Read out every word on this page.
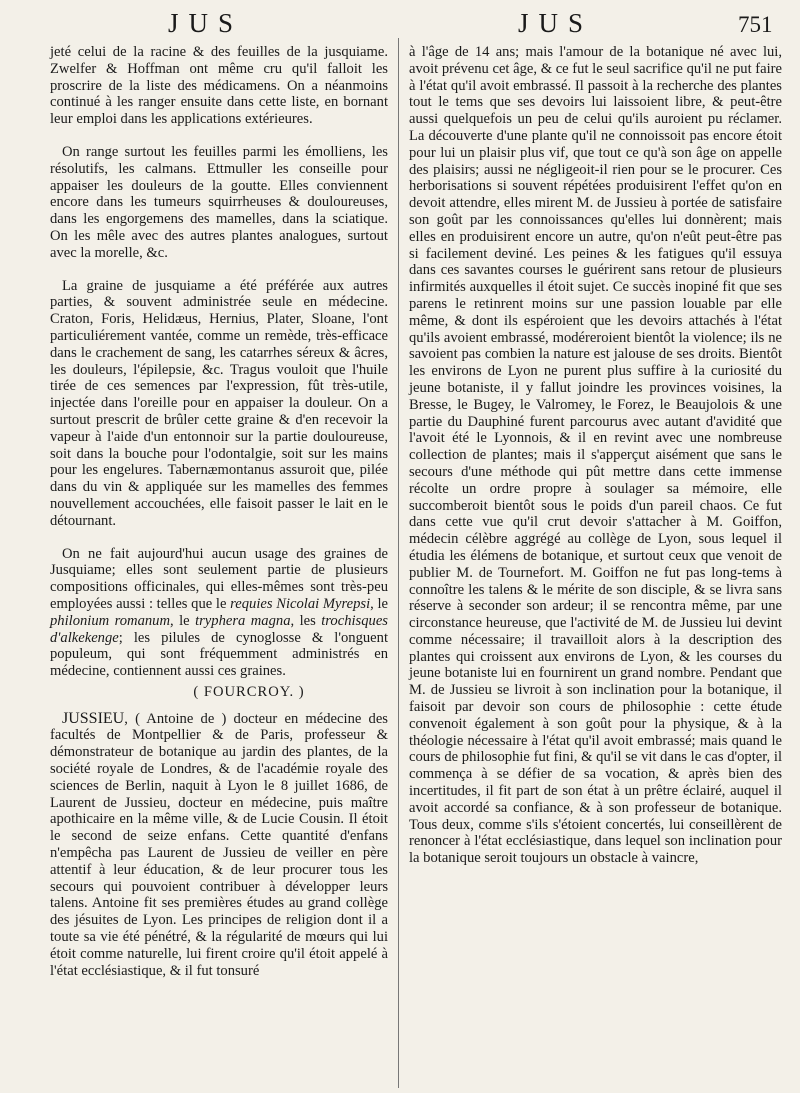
JUS	JUS	751

jeté celui de la racine & des feuilles de la jusquiame. Zwelfer & Hoffman ont même cru qu'il falloit les proscrire de la liste des médicamens. On a néanmoins continué à les ranger ensuite dans cette liste, en bornant leur emploi dans les applications extérieures.

On range surtout les feuilles parmi les émolliens, les résolutifs, les calmans. Ettmuller les conseille pour appaiser les douleurs de la goutte. Elles conviennent encore dans les tumeurs squirrheuses & douloureuses, dans les engorgemens des mamelles, dans la sciatique. On les mêle avec des autres plantes analogues, surtout avec la morelle, &c.

La graine de jusquiame a été préférée aux autres parties, & souvent administrée seule en médecine. Craton, Foris, Helidæus, Hernius, Plater, Sloane, l'ont particuliérement vantée, comme un remède, très-efficace dans le crachement de sang, les catarrhes séreux & âcres, les douleurs, l'épilepsie, &c. Tragus vouloit que l'huile tirée de ces semences par l'expression, fût très-utile, injectée dans l'oreille pour en appaiser la douleur. On a surtout prescrit de brûler cette graine & d'en recevoir la vapeur à l'aide d'un entonnoir sur la partie douloureuse, soit dans la bouche pour l'odontalgie, soit sur les mains pour les engelures. Tabernæmontanus assuroit que, pilée dans du vin & appliquée sur les mamelles des femmes nouvellement accouchées, elle faisoit passer le lait en le détournant.

On ne fait aujourd'hui aucun usage des graines de Jusquiame; elles sont seulement partie de plusieurs compositions officinales, qui elles-mêmes sont très-peu employées aussi : telles que le requies Nicolai Myrepsi, le philonium romanum, le tryphera magna, les trochisques d'alkekenge; les pilules de cynoglosse & l'onguent populeum, qui sont fréquemment administrés en médecine, contiennent aussi ces graines.

( FOURCROY. )

JUSSIEU, ( Antoine de ) docteur en médecine des facultés de Montpellier & de Paris, professeur & démonstrateur de botanique au jardin des plantes, de la société royale de Londres, & de l'académie royale des sciences de Berlin, naquit à Lyon le 8 juillet 1686, de Laurent de Jussieu, docteur en médecine, puis maître apothicaire en la même ville, & de Lucie Cousin. Il étoit le second de seize enfans. Cette quantité d'enfans n'empêcha pas Laurent de Jussieu de veiller en père attentif à leur éducation, & de leur procurer tous les secours qui pouvoient contribuer à développer leurs talens. Antoine fit ses premières études au grand collège des jésuites de Lyon. Les principes de religion dont il a toute sa vie été pénétré, & la régularité de mœurs qui lui étoit comme naturelle, lui firent croire qu'il étoit appelé à l'état ecclésiastique, & il fut tonsuré

à l'âge de 14 ans; mais l'amour de la botanique né avec lui, avoit prévenu cet âge, & ce fut le seul sacrifice qu'il ne put faire à l'état qu'il avoit embrassé. Il passoit à la recherche des plantes tout le tems que ses devoirs lui laissoient libre, & peut-être aussi quelquefois un peu de celui qu'ils auroient pu réclamer. La découverte d'une plante qu'il ne connoissoit pas encore étoit pour lui un plaisir plus vif, que tout ce qu'à son âge on appelle des plaisirs; aussi ne négligeoit-il rien pour se le procurer. Ces herborisations si souvent répétées produisirent l'effet qu'on en devoit attendre, elles mirent M. de Jussieu à portée de satisfaire son goût par les connoissances qu'elles lui donnèrent; mais elles en produisirent encore un autre, qu'on n'eût peut-être pas si facilement deviné. Les peines & les fatigues qu'il essuya dans ces savantes courses le guérirent sans retour de plusieurs infirmités auxquelles il étoit sujet. Ce succès inopiné fit que ses parens le retinrent moins sur une passion louable par elle même, & dont ils espéroient que les devoirs attachés à l'état qu'ils avoient embrassé, modéreroient bientôt la violence; ils ne savoient pas combien la nature est jalouse de ses droits. Bientôt les environs de Lyon ne purent plus suffire à la curiosité du jeune botaniste, il y fallut joindre les provinces voisines, la Bresse, le Bugey, le Valromey, le Forez, le Beaujolois & une partie du Dauphiné furent parcourus avec autant d'avidité que l'avoit été le Lyonnois, & il en revint avec une nombreuse collection de plantes; mais il s'apperçut aisément que sans le secours d'une méthode qui pût mettre dans cette immense récolte un ordre propre à soulager sa mémoire, elle succomberoit bientôt sous le poids d'un pareil chaos. Ce fut dans cette vue qu'il crut devoir s'attacher à M. Goiffon, médecin célèbre aggrégé au collège de Lyon, sous lequel il étudia les élémens de botanique, et surtout ceux que venoit de publier M. de Tournefort. M. Goiffon ne fut pas long-tems à connoître les talens & le mérite de son disciple, & se livra sans réserve à seconder son ardeur; il se rencontra même, par une circonstance heureuse, que l'activité de M. de Jussieu lui devint comme nécessaire; il travailloit alors à la description des plantes qui croissent aux environs de Lyon, & les courses du jeune botaniste lui en fournirent un grand nombre. Pendant que M. de Jussieu se livroit à son inclination pour la botanique, il faisoit par devoir son cours de philosophie : cette étude convenoit également à son goût pour la physique, & à la théologie nécessaire à l'état qu'il avoit embrassé; mais quand le cours de philosophie fut fini, & qu'il se vit dans le cas d'opter, il commença à se défier de sa vocation, & après bien des incertitudes, il fit part de son état à un prêtre éclairé, auquel il avoit accordé sa confiance, & à son professeur de botanique. Tous deux, comme s'ils s'étoient concertés, lui conseillèrent de renoncer à l'état ecclésiastique, dans lequel son inclination pour la botanique seroit toujours un obstacle à vaincre,
